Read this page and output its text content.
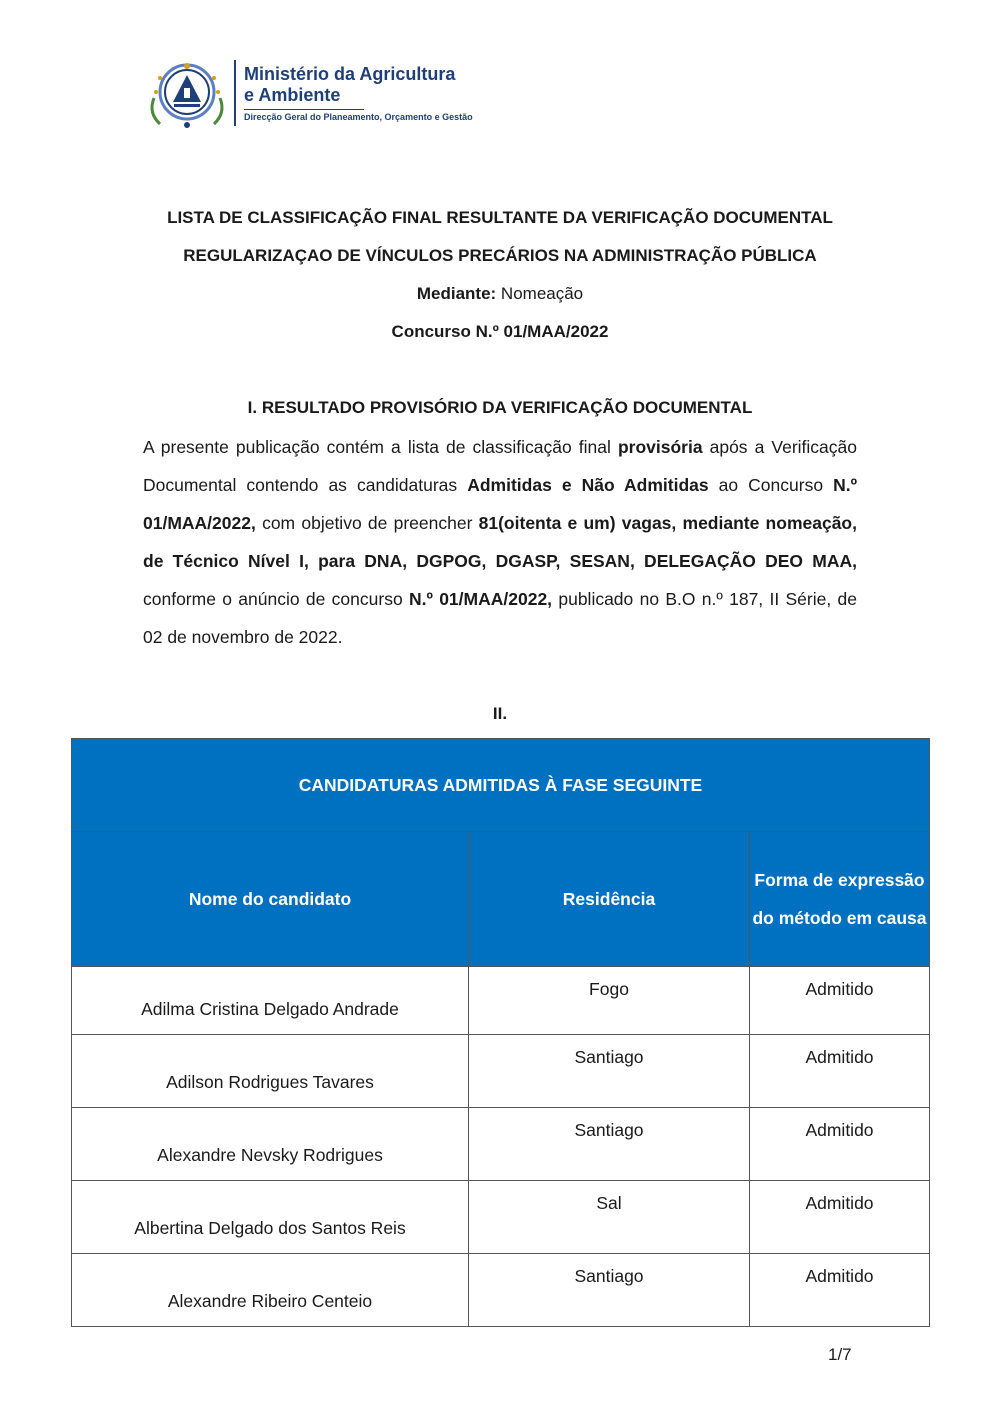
Ministério da Agricultura
e Ambiente
Direcção Geral do Planeamento, Orçamento e Gestão
LISTA DE CLASSIFICAÇÃO FINAL RESULTANTE DA VERIFICAÇÃO DOCUMENTAL
REGULARIZAÇAO DE VÍNCULOS PRECÁRIOS NA ADMINISTRAÇÃO PÚBLICA
Mediante: Nomeação
Concurso N.º 01/MAA/2022
I. RESULTADO PROVISÓRIO DA VERIFICAÇÃO DOCUMENTAL

A presente publicação contém a lista de classificação final provisória após a Verificação Documental contendo as candidaturas Admitidas e Não Admitidas ao Concurso N.º 01/MAA/2022, com objetivo de preencher 81(oitenta e um) vagas, mediante nomeação, de Técnico Nível I, para DNA, DGPOG, DGASP, SESAN, DELEGAÇÃO DEO MAA, conforme o anúncio de concurso N.º 01/MAA/2022, publicado no B.O n.º 187, II Série, de 02 de novembro de 2022.

II.
CANDIDATURAS ADMITIDAS À FASE SEGUINTE		
Nome do candidato	Residência	Forma de expressão do método em causa
Adilma Cristina Delgado Andrade	Fogo	Admitido
Adilson Rodrigues Tavares	Santiago	Admitido
Alexandre Nevsky Rodrigues	Santiago	Admitido
Albertina Delgado dos Santos Reis	Sal	Admitido
Alexandre Ribeiro Centeio	Santiago	Admitido
1/7
